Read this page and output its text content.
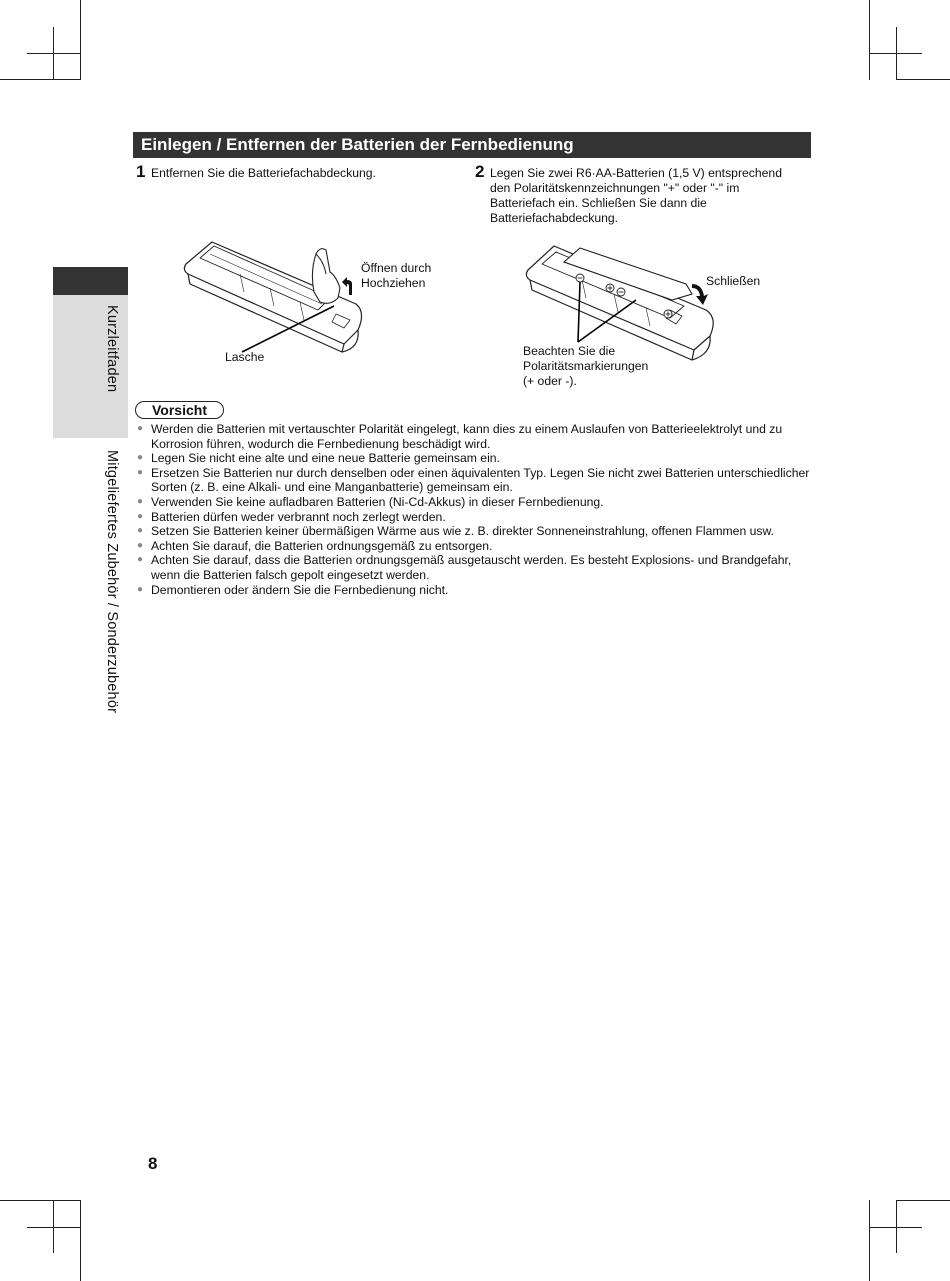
Kurzleitfaden
Mitgeliefertes Zubehör / Sonderzubehör
Einlegen / Entfernen der Batterien der Fernbedienung
1 Entfernen Sie die Batteriefachabdeckung.	2 Legen Sie zwei R6·AA-Batterien (1,5 V) entsprechend den Polaritätskennzeichnungen "+" oder "-" im Batteriefach ein. Schließen Sie dann die Batteriefachabdeckung.
Öffnen durch
Hochziehen
Lasche
Schließen
Beachten Sie die
Polaritätsmarkierungen
(+ oder -).
Vorsicht
● Werden die Batterien mit vertauschter Polarität eingelegt, kann dies zu einem Auslaufen von Batterieelektrolyt und zu Korrosion führen, wodurch die Fernbedienung beschädigt wird.
● Legen Sie nicht eine alte und eine neue Batterie gemeinsam ein.
● Ersetzen Sie Batterien nur durch denselben oder einen äquivalenten Typ. Legen Sie nicht zwei Batterien unterschiedlicher Sorten (z. B. eine Alkali- und eine Manganbatterie) gemeinsam ein.
● Verwenden Sie keine aufladbaren Batterien (Ni-Cd-Akkus) in dieser Fernbedienung.
● Batterien dürfen weder verbrannt noch zerlegt werden.
● Setzen Sie Batterien keiner übermäßigen Wärme aus wie z. B. direkter Sonneneinstrahlung, offenen Flammen usw.
● Achten Sie darauf, die Batterien ordnungsgemäß zu entsorgen.
● Achten Sie darauf, dass die Batterien ordnungsgemäß ausgetauscht werden. Es besteht Explosions- und Brandgefahr, wenn die Batterien falsch gepolt eingesetzt werden.
● Demontieren oder ändern Sie die Fernbedienung nicht.
8
